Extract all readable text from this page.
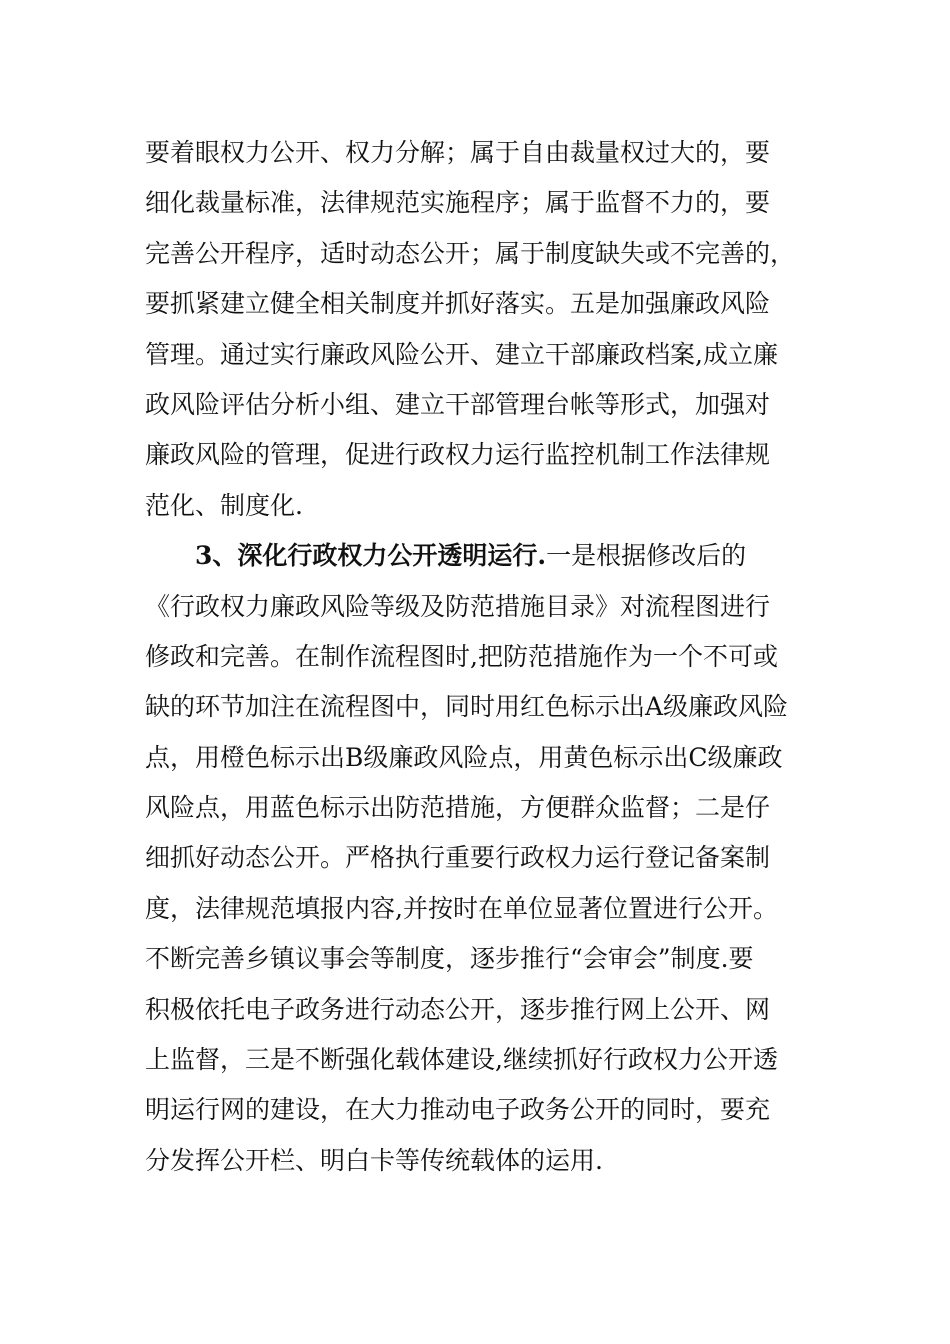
要着眼权力公开、权力分解；属于自由裁量权过大的，要
细化裁量标准，法律规范实施程序；属于监督不力的，要
完善公开程序，适时动态公开；属于制度缺失或不完善的，
要抓紧建立健全相关制度并抓好落实。五是加强廉政风险
管理。通过实行廉政风险公开、建立干部廉政档案,成立廉
政风险评估分析小组、建立干部管理台帐等形式，加强对
廉政风险的管理，促进行政权力运行监控机制工作法律规
范化、制度化.
3、深化行政权力公开透明运行.一是根据修改后的
《行政权力廉政风险等级及防范措施目录》对流程图进行
修政和完善。在制作流程图时,把防范措施作为一个不可或
缺的环节加注在流程图中，同时用红色标示出A级廉政风险
点，用橙色标示出B级廉政风险点，用黄色标示出C级廉政
风险点，用蓝色标示出防范措施，方便群众监督；二是仔
细抓好动态公开。严格执行重要行政权力运行登记备案制
度，法律规范填报内容,并按时在单位显著位置进行公开。
不断完善乡镇议事会等制度，逐步推行“会审会”制度.要
积极依托电子政务进行动态公开，逐步推行网上公开、网
上监督，三是不断强化载体建设,继续抓好行政权力公开透
明运行网的建设，在大力推动电子政务公开的同时，要充
分发挥公开栏、明白卡等传统载体的运用.
